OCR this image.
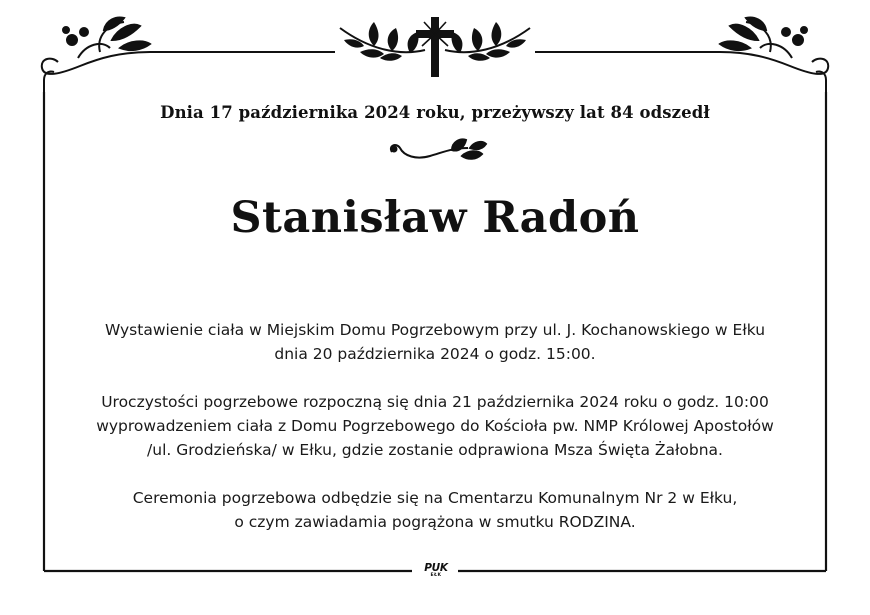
Dnia 17 października 2024 roku, przeżywszy lat 84 odszedł
Stanisław Radoń
Wystawienie ciała w Miejskim Domu Pogrzebowym przy ul. J. Kochanowskiego w Ełku
dnia 20 października 2024 o godz. 15:00.
Uroczystości pogrzebowe rozpoczną się dnia 21 października 2024 roku o godz. 10:00
wyprowadzeniem ciała z Domu Pogrzebowego do Kościoła pw. NMP Królowej Apostołów
/ul. Grodzieńska/ w Ełku, gdzie zostanie odprawiona Msza Święta Żałobna.
Ceremonia pogrzebowa odbędzie się na Cmentarzu Komunalnym Nr 2 w Ełku,
o czym zawiadamia pogrążona w smutku RODZINA.
PUK
EŁK
